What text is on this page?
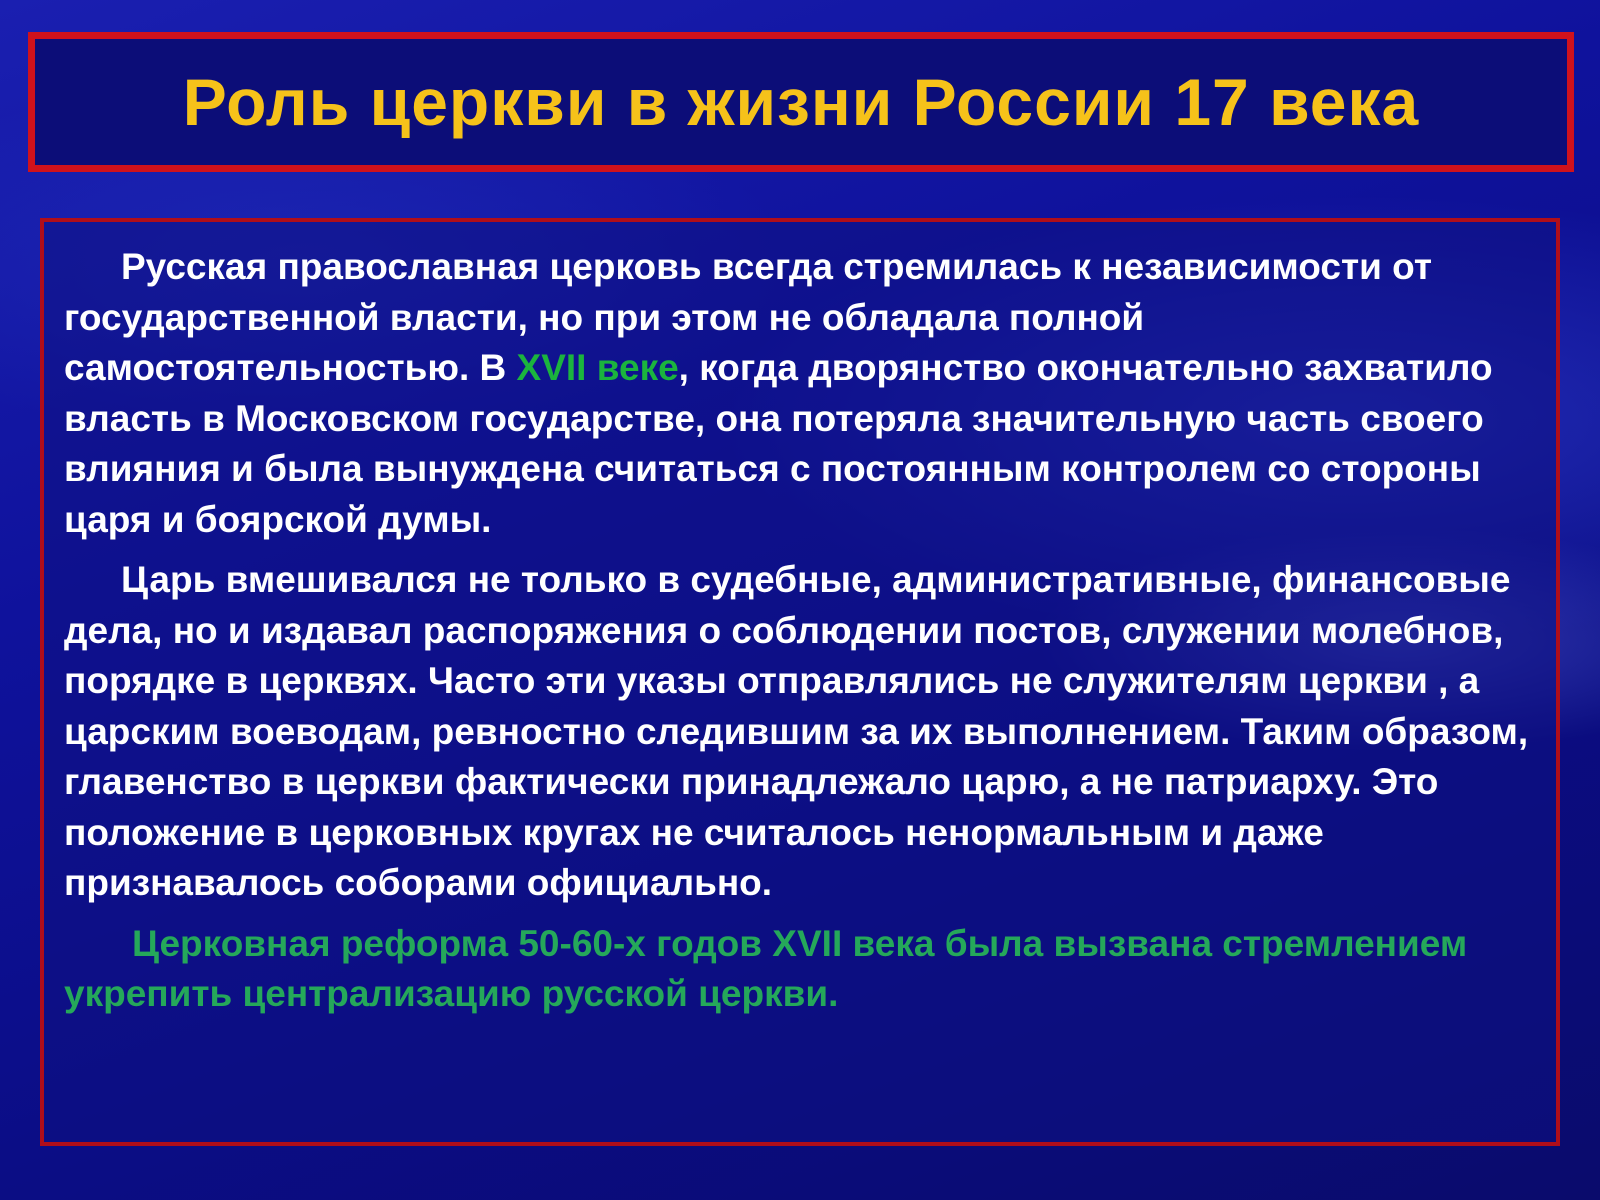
Роль церкви в жизни России 17 века

Русская православная церковь всегда стремилась к независимости от государственной власти, но при этом не обладала полной самостоятельностью. В XVII веке, когда дворянство окончательно захватило власть в Московском государстве, она потеряла значительную часть своего влияния и была вынуждена считаться с постоянным контролем со стороны царя и боярской думы.

Царь вмешивался не только в судебные, административные, финансовые дела, но и издавал распоряжения о соблюдении постов, служении молебнов, порядке в церквях. Часто эти указы отправлялись не служителям церкви , а царским воеводам, ревностно следившим за их выполнением. Таким образом, главенство в церкви фактически принадлежало царю, а не патриарху. Это положение в церковных кругах не считалось ненормальным и даже признавалось соборами официально.

Церковная реформа 50-60-х годов XVII века была вызвана стремлением укрепить централизацию русской церкви.
